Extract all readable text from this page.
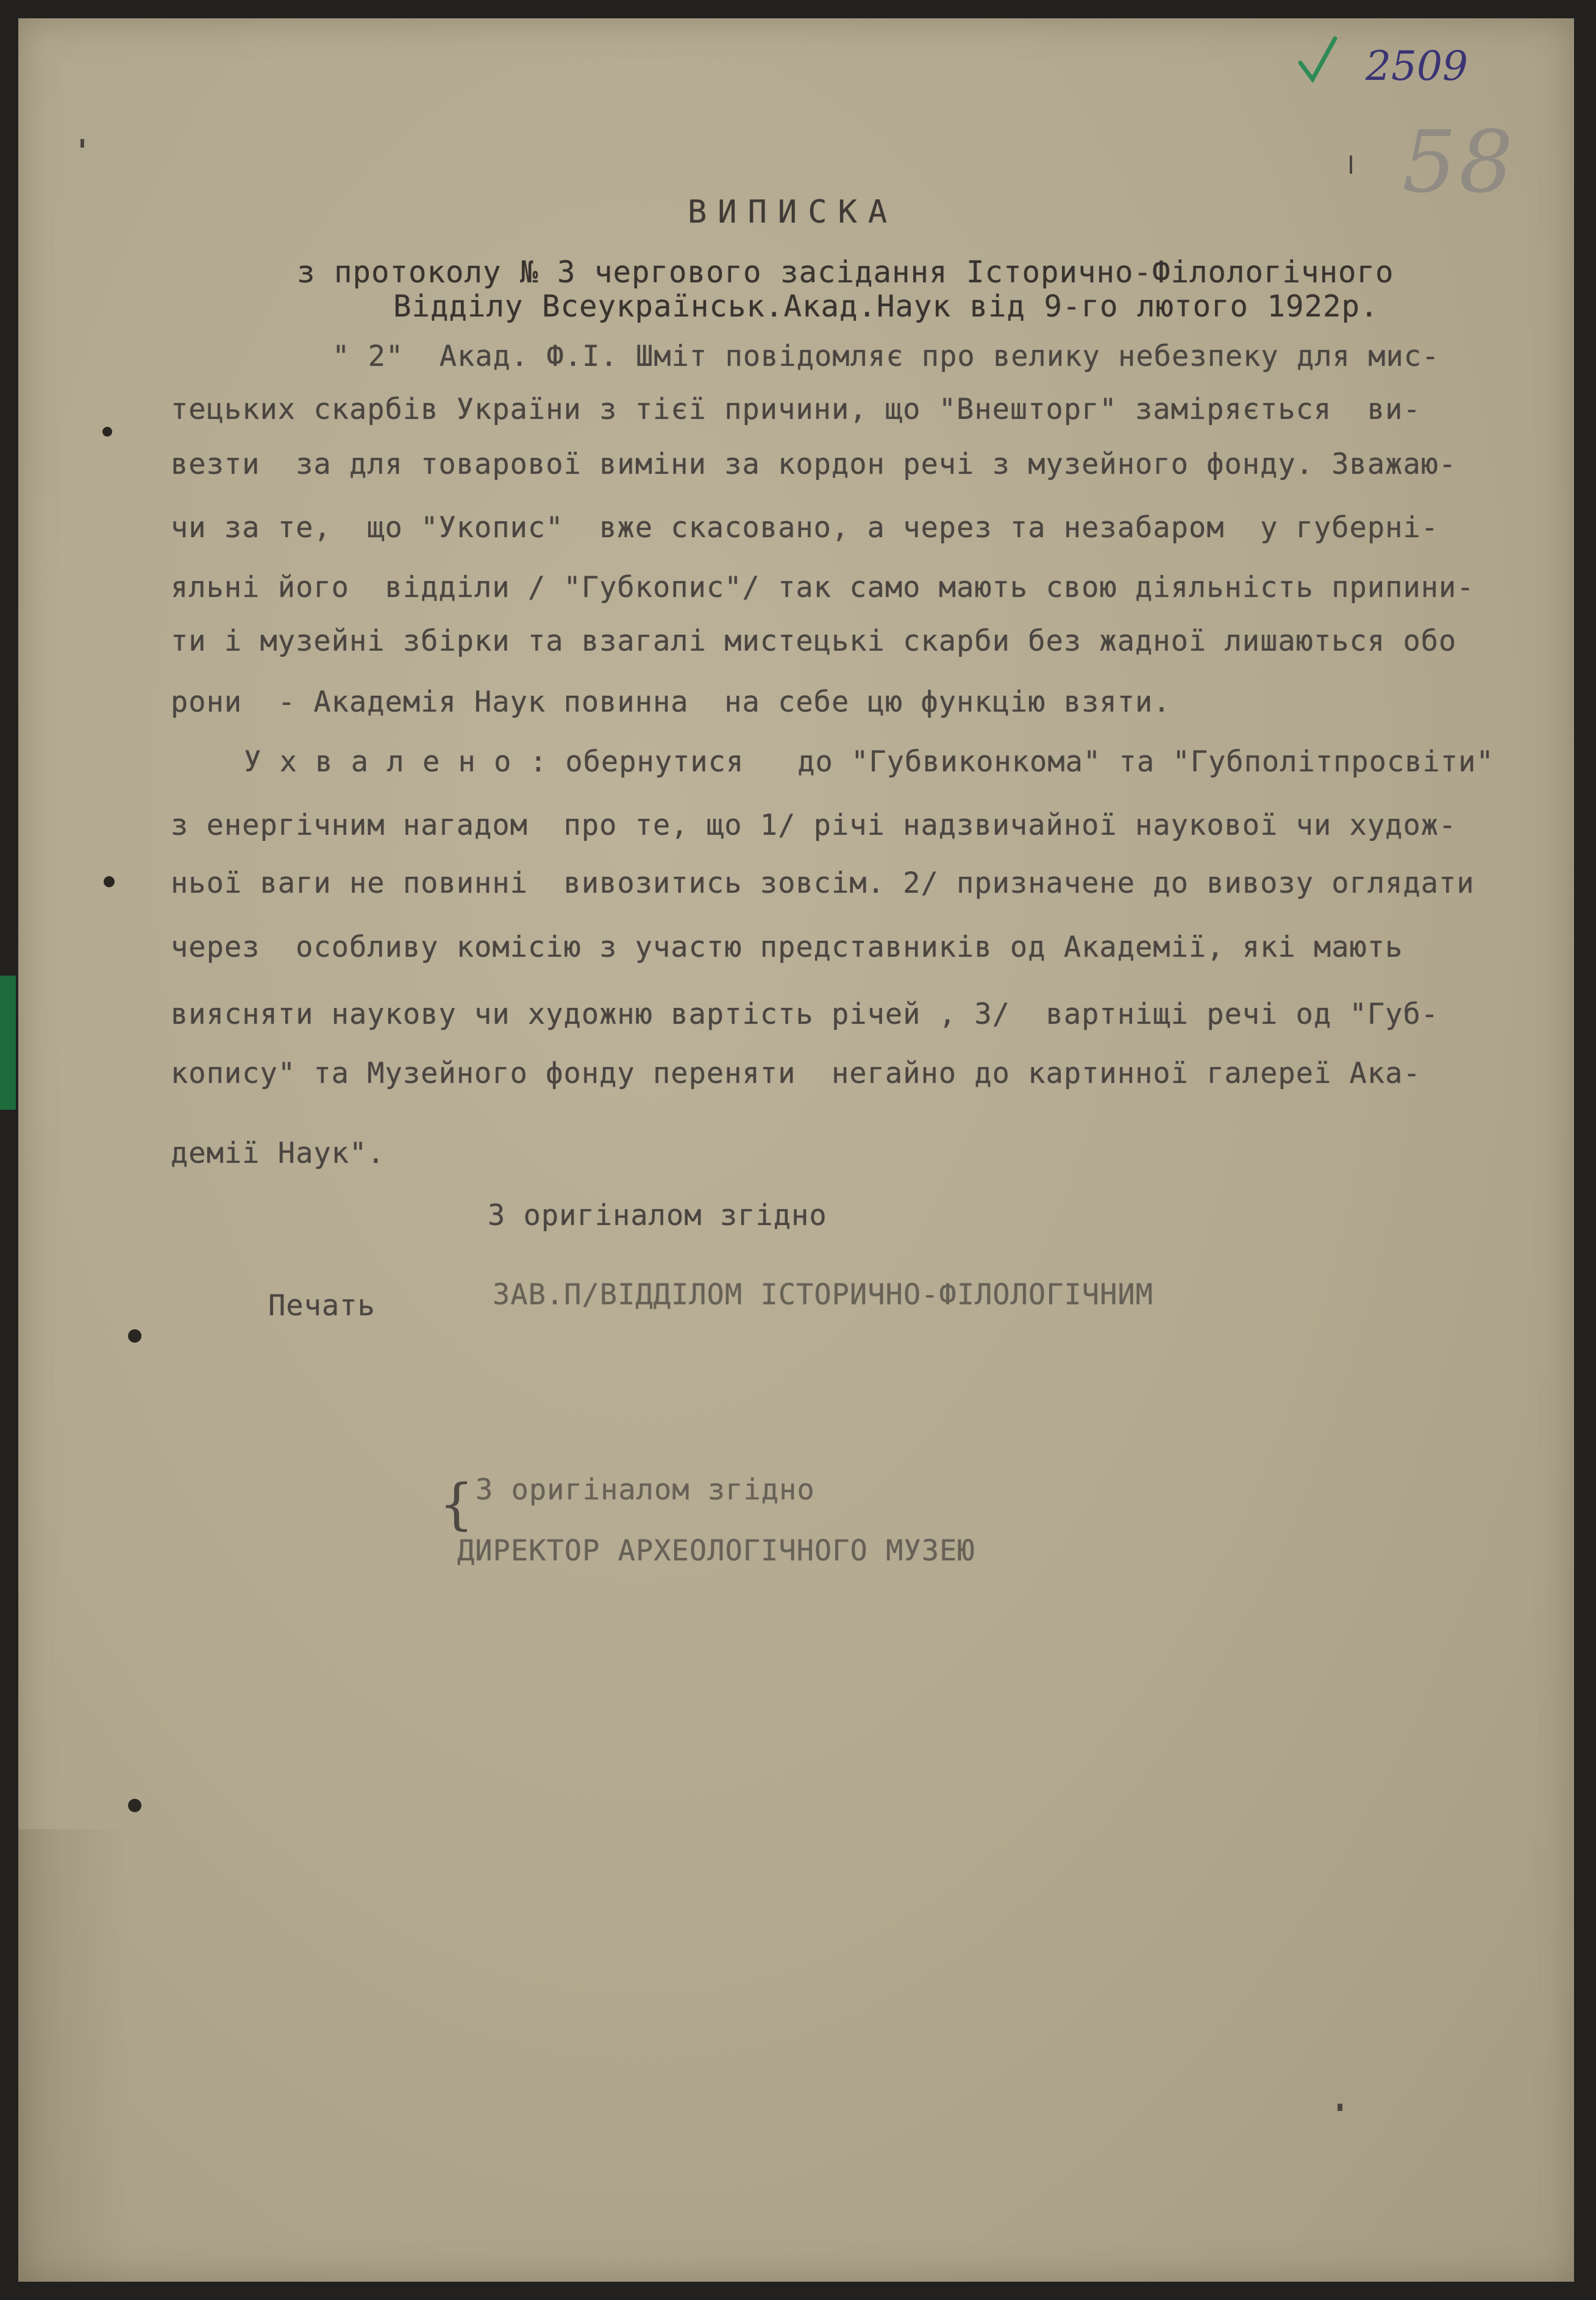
2509
58
ВИПИСКА
з протоколу № 3 чергового засідання Історично-Філологічного
Відділу Всеукраїнськ.Акад.Наук від 9-го лютого 1922р.
" 2"  Акад. Ф.І. Шміт повідомляє про велику небезпеку для мис-
тецьких скарбів України з тієї причини, що "Внешторг" заміряється  ви-
везти  за для товарової виміни за кордон речі з музейного фонду. Зважаю-
чи за те,  що "Укопис"  вже скасовано, а через та незабаром  у губерні-
яльні його  відділи / "Губкопис"/ так само мають свою діяльність припини-
ти і музейні збірки та взагалі мистецькі скарби без жадної лишаються обо
рони  - Академія Наук повинна  на себе цю функцію взяти.
У х в а л е н о : обернутися   до "Губвиконкома" та "Губполітпросвіти"
з енергічним нагадом  про те, що 1/ річі надзвичайної наукової чи худож-
ньої ваги не повинні  вивозитись зовсім. 2/ призначене до вивозу оглядати
через  особливу комісію з участю представників од Академії, які мають
виясняти наукову чи художню вартість річей , 3/  вартніщі речі од "Губ-
копису" та Музейного фонду переняти  негайно до картинної галереї Ака-
демії Наук".
З оригіналом згідно
Печать	ЗАВ.П/ВІДДІЛОМ ІСТОРИЧНО-ФІЛОЛОГІЧНИМ
{ З оригіналом згідно
ДИРЕКТОР АРХЕОЛОГІЧНОГО МУЗЕЮ
